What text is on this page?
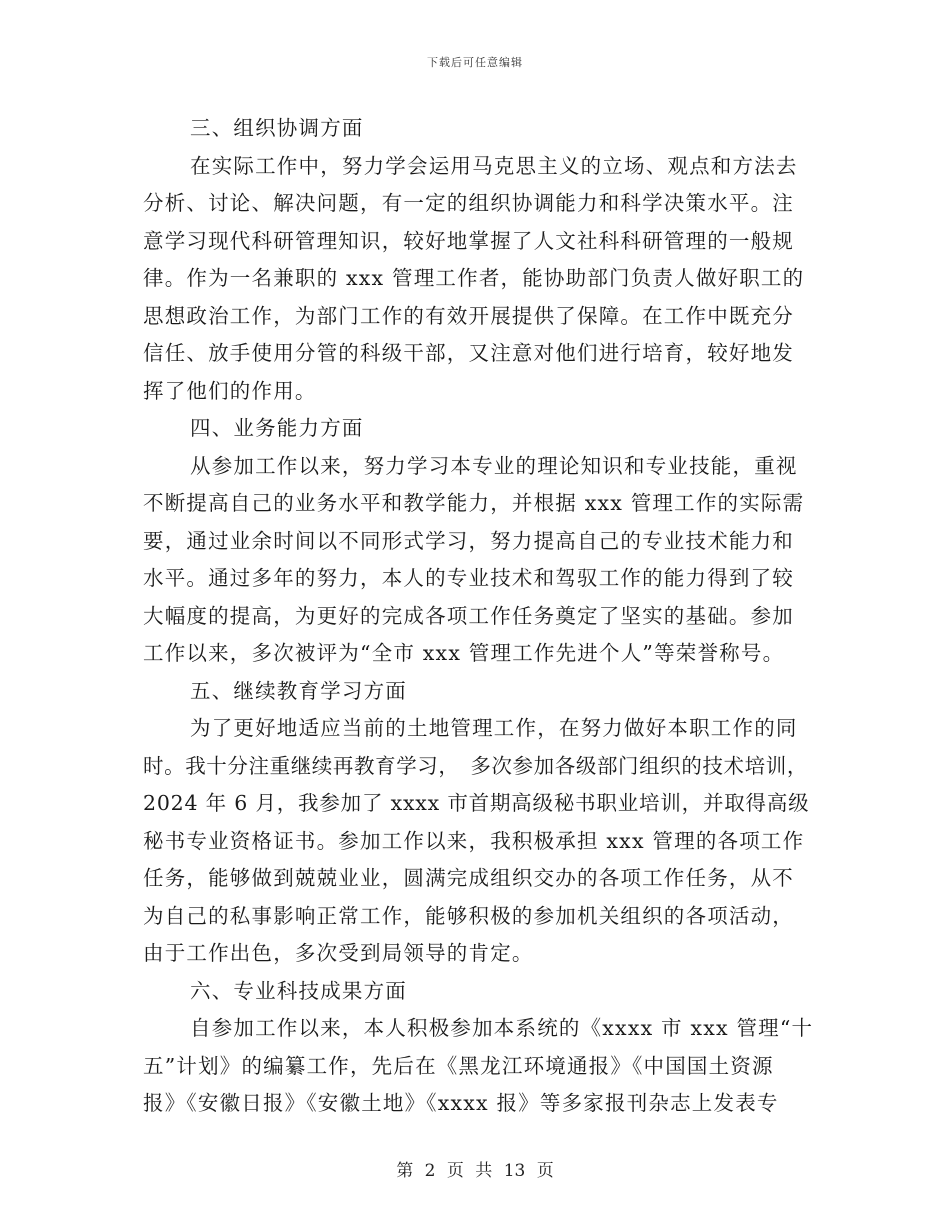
下载后可任意编辑
三、组织协调方面
在实际工作中，努力学会运用马克思主义的立场、观点和方法去
分析、讨论、解决问题，有一定的组织协调能力和科学决策水平。注
意学习现代科研管理知识，较好地掌握了人文社科科研管理的一般规
律。作为一名兼职的 xxx 管理工作者，能协助部门负责人做好职工的
思想政治工作，为部门工作的有效开展提供了保障。在工作中既充分
信任、放手使用分管的科级干部，又注意对他们进行培育，较好地发
挥了他们的作用。
四、业务能力方面
从参加工作以来，努力学习本专业的理论知识和专业技能，重视
不断提高自己的业务水平和教学能力，并根据 xxx 管理工作的实际需
要，通过业余时间以不同形式学习，努力提高自己的专业技术能力和
水平。通过多年的努力，本人的专业技术和驾驭工作的能力得到了较
大幅度的提高，为更好的完成各项工作任务奠定了坚实的基础。参加
工作以来，多次被评为“全市 xxx 管理工作先进个人”等荣誉称号。
五、继续教育学习方面
为了更好地适应当前的土地管理工作，在努力做好本职工作的同
时。我十分注重继续再教育学习，　多次参加各级部门组织的技术培训，
2024 年 6 月，我参加了 xxxx 市首期高级秘书职业培训，并取得高级
秘书专业资格证书。参加工作以来，我积极承担 xxx 管理的各项工作
任务，能够做到兢兢业业，圆满完成组织交办的各项工作任务，从不
为自己的私事影响正常工作，能够积极的参加机关组织的各项活动，
由于工作出色，多次受到局领导的肯定。
六、专业科技成果方面
自参加工作以来，本人积极参加本系统的《xxxx 市 xxx 管理“十
五”计划》的编纂工作，先后在《黑龙江环境通报》《中国国土资源
报》《安徽日报》《安徽土地》《xxxx 报》等多家报刊杂志上发表专
第 2 页 共 13 页
